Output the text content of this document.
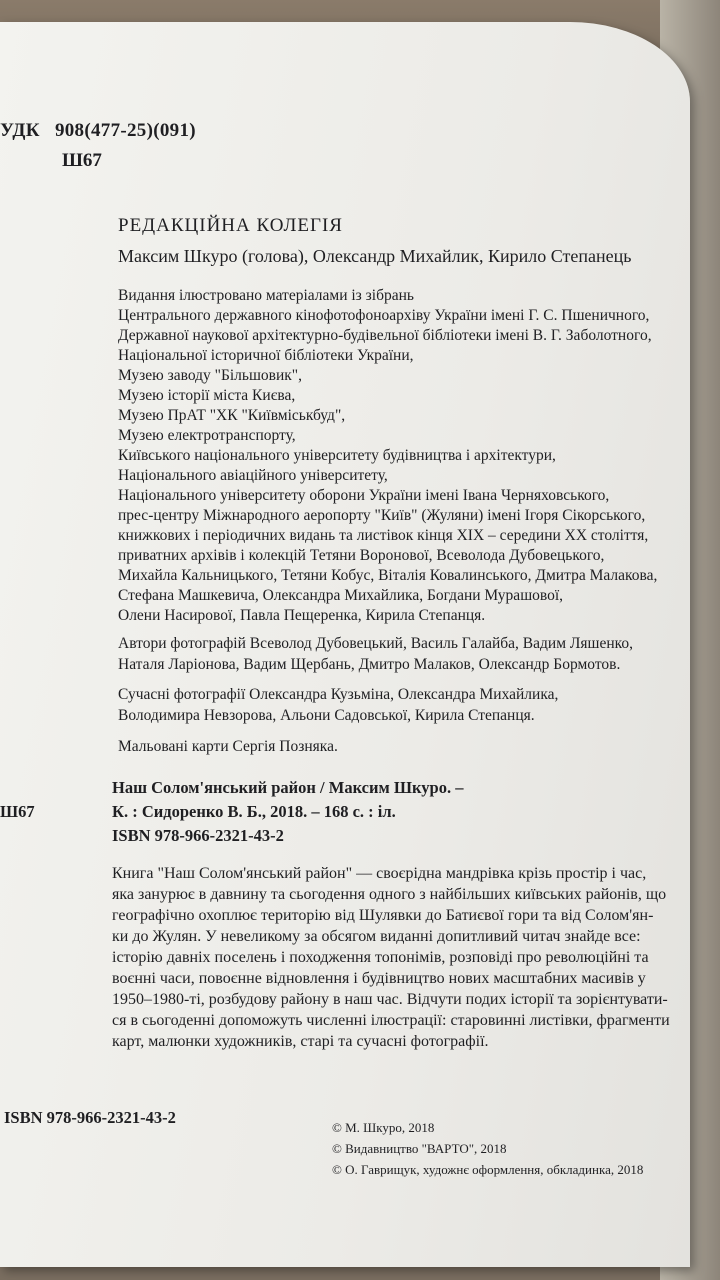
УДК 908(477-25)(091)
Ш67
РЕДАКЦІЙНА КОЛЕГІЯ
Максим Шкуро (голова), Олександр Михайлик, Кирило Степанець
Видання ілюстровано матеріалами із зібрань
Центрального державного кінофотофоноархіву України імені Г. С. Пшеничного,
Державної наукової архітектурно-будівельної бібліотеки імені В. Г. Заболотного,
Національної історичної бібліотеки України,
Музею заводу "Більшовик",
Музею історії міста Києва,
Музею ПрАТ "ХК "Київміськбуд",
Музею електротранспорту,
Київського національного університету будівництва і архітектури,
Національного авіаційного університету,
Національного університету оборони України імені Івана Черняховського,
прес-центру Міжнародного аеропорту "Київ" (Жуляни) імені Ігоря Сікорського,
книжкових і періодичних видань та листівок кінця XIX – середини XX століття,
приватних архівів і колекцій Тетяни Воронової, Всеволода Дубовецького,
Михайла Кальницького, Тетяни Кобус, Віталія Ковалинського, Дмитра Малакова,
Стефана Машкевича, Олександра Михайлика, Богдани Мурашової,
Олени Насирової, Павла Пещеренка, Кирила Степанця.
Автори фотографій Всеволод Дубовецький, Василь Галайба, Вадим Ляшенко,
Наталя Ларіонова, Вадим Щербань, Дмитро Малаков, Олександр Бормотов.
Сучасні фотографії Олександра Кузьміна, Олександра Михайлика,
Володимира Невзорова, Альони Садовської, Кирила Степанця.
Мальовані карти Сергія Позняка.
Наш Солом'янський район / Максим Шкуро. –
Ш67	К. : Сидоренко В. Б., 2018. – 168 с. : іл.
ISBN 978-966-2321-43-2
Книга "Наш Солом'янський район" — своєрідна мандрівка крізь простір і час,
яка занурює в давнину та сьогодення одного з найбільших київських районів, що
географічно охоплює територію від Шулявки до Батиєвої гори та від Солом'ян-
ки до Жулян. У невеликому за обсягом виданні допитливий читач знайде все:
історію давніх поселень і походження топонімів, розповіді про революційні та
воєнні часи, повоєнне відновлення і будівництво нових масштабних масивів у
1950–1980-ті, розбудову району в наш час. Відчути подих історії та зорієнтувати-
ся в сьогоденні допоможуть численні ілюстрації: старовинні листівки, фрагменти
карт, малюнки художників, старі та сучасні фотографії.
ISBN 978-966-2321-43-2
© М. Шкуро, 2018
© Видавництво "ВАРТО", 2018
© О. Гаврищук, художнє оформлення, обкладинка, 2018
